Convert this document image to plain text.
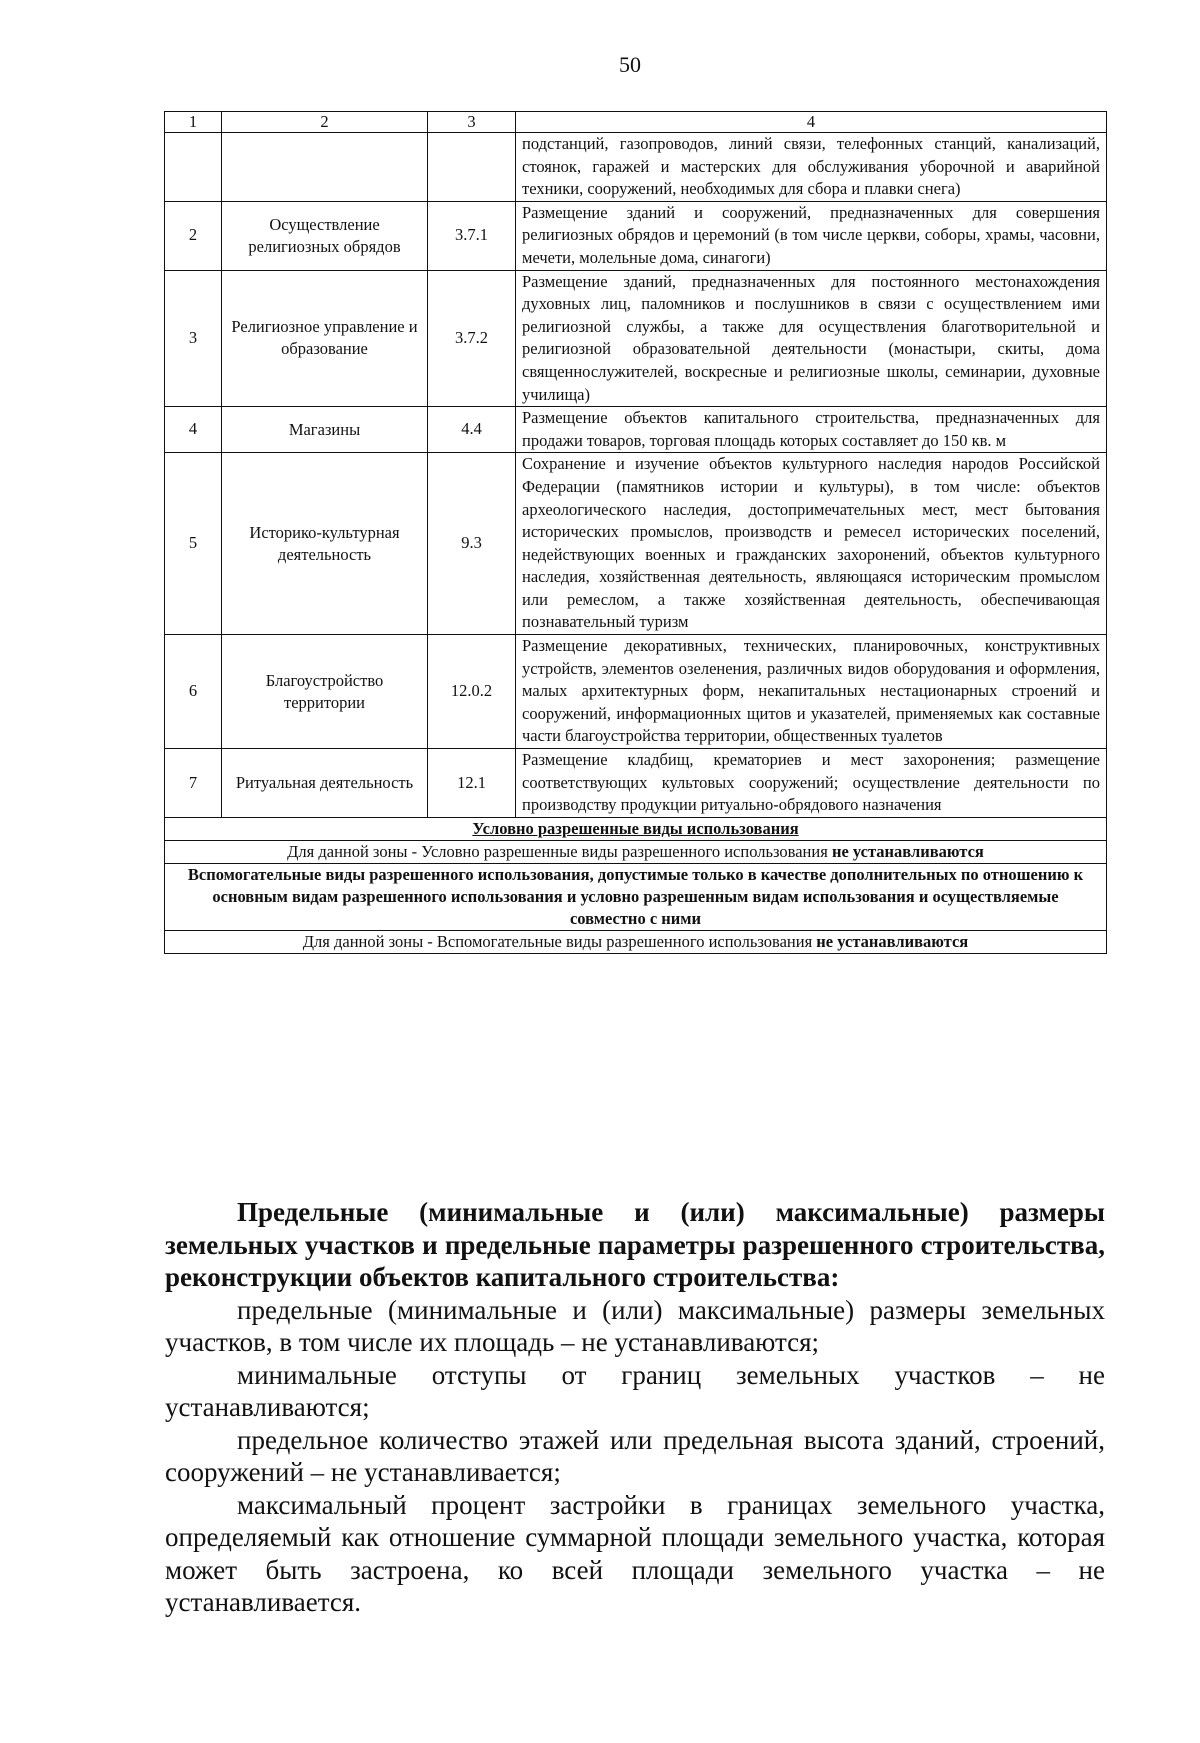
50
1	2	3	4
			подстанций, газопроводов, линий связи, телефонных станций, канализаций, стоянок, гаражей и мастерских для обслуживания уборочной и аварийной техники, сооружений, необходимых для сбора и плавки снега)
2	Осуществление религиозных обрядов	3.7.1	Размещение зданий и сооружений, предназначенных для совершения религиозных обрядов и церемоний (в том числе церкви, соборы, храмы, часовни, мечети, молельные дома, синагоги)
3	Религиозное управление и образование	3.7.2	Размещение зданий, предназначенных для постоянного местонахождения духовных лиц, паломников и послушников в связи с осуществлением ими религиозной службы, а также для осуществления благотворительной и религиозной образовательной деятельности (монастыри, скиты, дома священнослужителей, воскресные и религиозные школы, семинарии, духовные училища)
4	Магазины	4.4	Размещение объектов капитального строительства, предназначенных для продажи товаров, торговая площадь которых составляет до 150 кв. м
5	Историко-культурная деятельность	9.3	Сохранение и изучение объектов культурного наследия народов Российской Федерации (памятников истории и культуры), в том числе: объектов археологического наследия, достопримечательных мест, мест бытования исторических промыслов, производств и ремесел исторических поселений, недействующих военных и гражданских захоронений, объектов культурного наследия, хозяйственная деятельность, являющаяся историческим промыслом или ремеслом, а также хозяйственная деятельность, обеспечивающая познавательный туризм
6	Благоустройство территории	12.0.2	Размещение декоративных, технических, планировочных, конструктивных устройств, элементов озеленения, различных видов оборудования и оформления, малых архитектурных форм, некапитальных нестационарных строений и сооружений, информационных щитов и указателей, применяемых как составные части благоустройства территории, общественных туалетов
7	Ритуальная деятельность	12.1	Размещение кладбищ, крематориев и мест захоронения; размещение соответствующих культовых сооружений; осуществление деятельности по производству продукции ритуально-обрядового назначения
Условно разрешенные виды использования			
Для данной зоны - Условно разрешенные виды разрешенного использования не устанавливаются			
Вспомогательные виды разрешенного использования, допустимые только в качестве дополнительных по отношению к основным видам разрешенного использования и условно разрешенным видам использования и осуществляемые совместно с ними			
Для данной зоны - Вспомогательные виды разрешенного использования не устанавливаются			

Предельные (минимальные и (или) максимальные) размеры земельных участков и предельные параметры разрешенного строительства, реконструкции объектов капитального строительства:

предельные (минимальные и (или) максимальные) размеры земельных участков, в том числе их площадь – не устанавливаются;

минимальные отступы от границ земельных участков – не устанавливаются;

предельное количество этажей или предельная высота зданий, строений, сооружений – не устанавливается;

максимальный процент застройки в границах земельного участка, определяемый как отношение суммарной площади земельного участка, которая может быть застроена, ко всей площади земельного участка – не устанавливается.
